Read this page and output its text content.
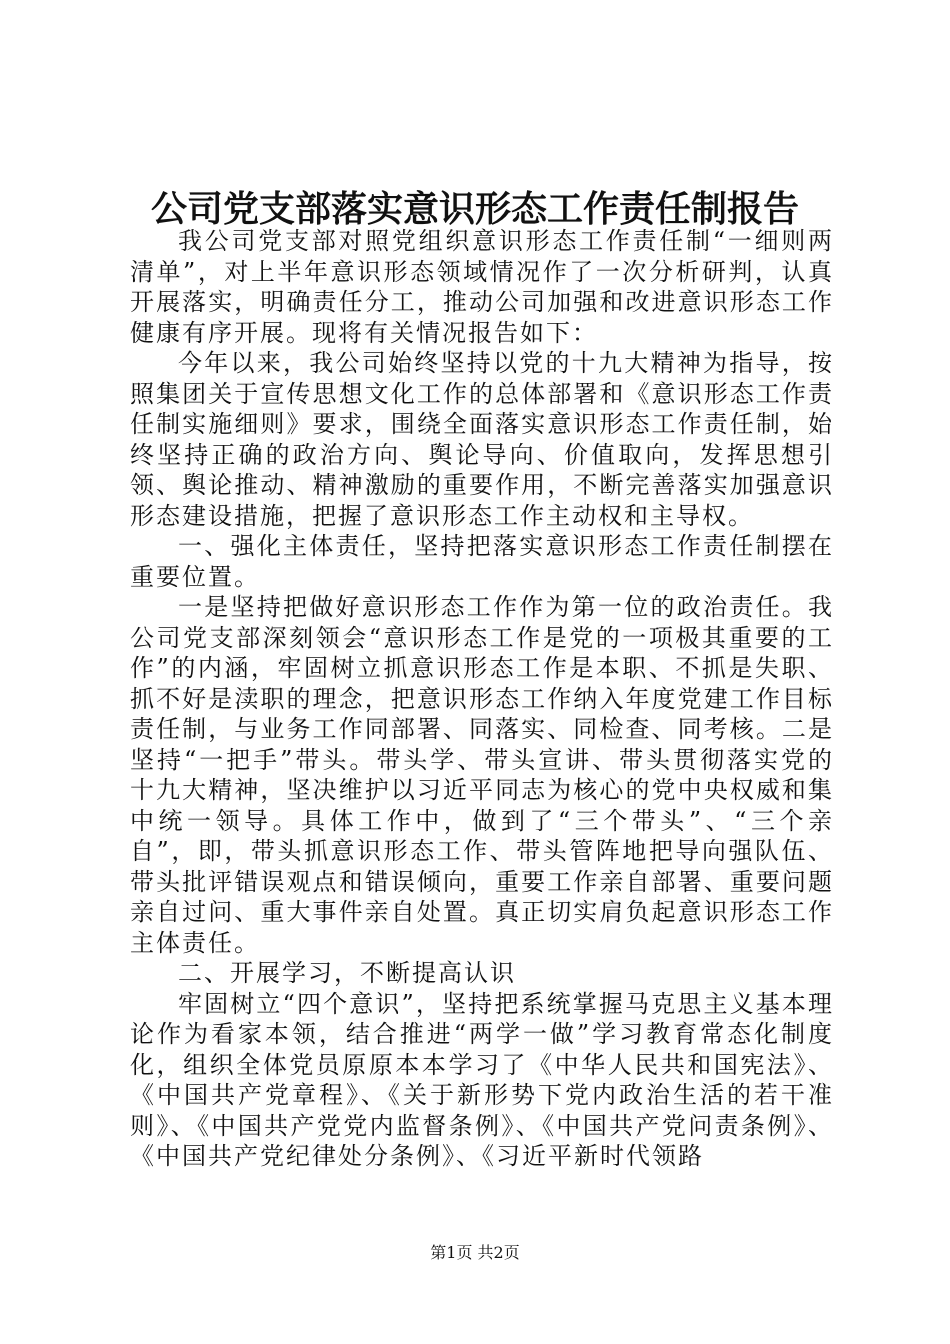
公司党支部落实意识形态工作责任制报告

我公司党支部对照党组织意识形态工作责任制“一细则两清单”，对上半年意识形态领域情况作了一次分析研判，认真开展落实，明确责任分工，推动公司加强和改进意识形态工作健康有序开展。现将有关情况报告如下：

今年以来，我公司始终坚持以党的十九大精神为指导，按照集团关于宣传思想文化工作的总体部署和《意识形态工作责任制实施细则》要求，围绕全面落实意识形态工作责任制，始终坚持正确的政治方向、舆论导向、价值取向，发挥思想引领、舆论推动、精神激励的重要作用，不断完善落实加强意识形态建设措施，把握了意识形态工作主动权和主导权。

一、强化主体责任，坚持把落实意识形态工作责任制摆在重要位置。

一是坚持把做好意识形态工作作为第一位的政治责任。我公司党支部深刻领会“意识形态工作是党的一项极其重要的工作”的内涵，牢固树立抓意识形态工作是本职、不抓是失职、抓不好是渎职的理念，把意识形态工作纳入年度党建工作目标责任制，与业务工作同部署、同落实、同检查、同考核。二是坚持“一把手”带头。带头学、带头宣讲、带头贯彻落实党的十九大精神，坚决维护以习近平同志为核心的党中央权威和集中统一领导。具体工作中，做到了“三个带头”、“三个亲自”，即，带头抓意识形态工作、带头管阵地把导向强队伍、带头批评错误观点和错误倾向，重要工作亲自部署、重要问题亲自过问、重大事件亲自处置。真正切实肩负起意识形态工作主体责任。

二、开展学习，不断提高认识

牢固树立“四个意识”，坚持把系统掌握马克思主义基本理论作为看家本领，结合推进“两学一做”学习教育常态化制度化，组织全体党员原原本本学习了《中华人民共和国宪法》、《中国共产党章程》、《关于新形势下党内政治生活的若干准则》、《中国共产党党内监督条例》、《中国共产党问责条例》、《中国共产党纪律处分条例》、《习近平新时代领路

第1页 共2页
